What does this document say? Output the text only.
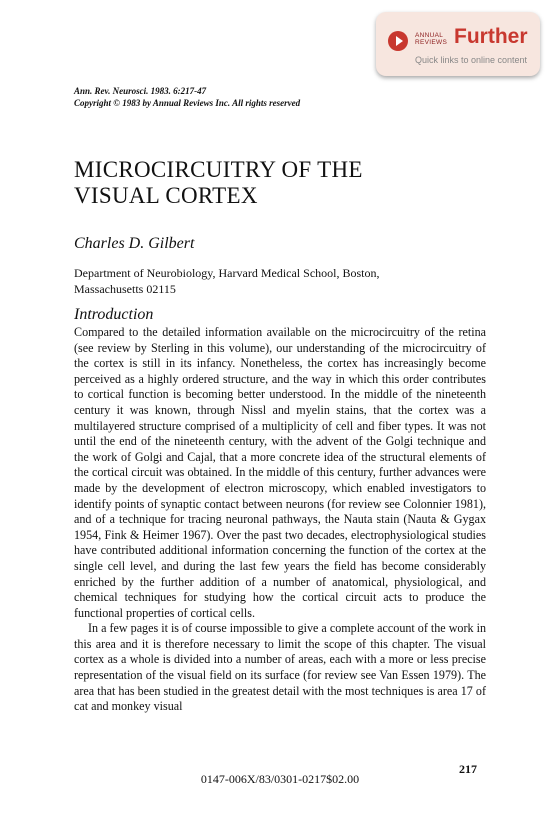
ANNUAL
REVIEWS Further
Quick links to online content
Ann. Rev. Neurosci. 1983. 6:217-47
Copyright © 1983 by Annual Reviews Inc. All rights reserved
MICROCIRCUITRY OF THE
VISUAL CORTEX
Charles D. Gilbert
Department of Neurobiology, Harvard Medical School, Boston,
Massachusetts 02115
Introduction

Compared to the detailed information available on the microcircuitry of the retina (see review by Sterling in this volume), our understanding of the microcircuitry of the cortex is still in its infancy. Nonetheless, the cortex has increasingly become perceived as a highly ordered structure, and the way in which this order contributes to cortical function is becoming better understood. In the middle of the nineteenth century it was known, through Nissl and myelin stains, that the cortex was a multilayered structure comprised of a multiplicity of cell and fiber types. It was not until the end of the nineteenth century, with the advent of the Golgi technique and the work of Golgi and Cajal, that a more concrete idea of the structural elements of the cortical circuit was obtained. In the middle of this century, further advances were made by the development of electron microscopy, which enabled investigators to identify points of synaptic contact between neurons (for review see Colonnier 1981), and of a technique for tracing neuronal pathways, the Nauta stain (Nauta & Gygax 1954, Fink & Heimer 1967). Over the past two decades, electrophysiological studies have contributed additional information concerning the function of the cortex at the single cell level, and during the last few years the field has become considerably enriched by the further addition of a number of anatomical, physiological, and chemical techniques for studying how the cortical circuit acts to produce the functional properties of cortical cells.

In a few pages it is of course impossible to give a complete account of the work in this area and it is therefore necessary to limit the scope of this chapter. The visual cortex as a whole is divided into a number of areas, each with a more or less precise representation of the visual field on its surface (for review see Van Essen 1979). The area that has been studied in the greatest detail with the most techniques is area 17 of cat and monkey visual

217
0147-006X/83/0301-0217$02.00
